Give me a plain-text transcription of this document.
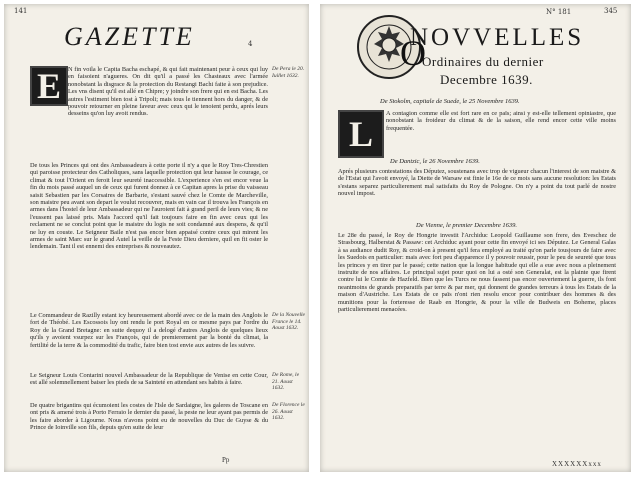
141
GAZETTE	4
E	N fin voila le Capita Bacha eschapé, & qui fait maintenant peur à ceux qui luy en faisoient n'agueres. On dit qu'il a passé les Chasteaux avec l'armée nonobstant la disgrace & la protection du Restangi Bachi faite à son prejudice. Les vns disent qu'il est allé en Chipre; y joindre son frere qui en est Bacha. Les autres l'estiment bien tost à Tripoli; mais tous le tiennent hors du danger, & de pouvoir retourner en pleine faveur avec ceux qui le tenoient perdu, aprés leurs desseins qu'on luy avoit rendus.
De Pera le 20. Iuillet 1632.
De tous les Princes qui ont des Ambassadeurs à cette porte il n'y a que le Roy Tres-Chrestien qui paroisse protecteur des Catholiques, sans laquelle protection qui leur hausse le courage, ce climat & tout l'Orient en feroit leur seureté inaccessible. L'experience s'en est encor veue la fin du mois passé auquel un de ceux qui furent donnez à ce Capitan apres la prise du vaisseau saisit Sebastien par les Corsaires de Barbarie, s'estant sauvé chez le Comte de Marcheville, son maistre peu avant son depart le voulut recouvrer, mais en vain car il trouva les François en armes dans l'hostel de leur Ambassadeur qui ne l'auroient fait à grand peril de leurs vies; & ne l'eussent pas laissé pris. Mais l'accord qu'il fait toujours faire en fin avec ceux qui les reclament ne se conclut point que le maistre du logis ne soit condamné aux despens, & qu'il ne luy en couste. Le Seigneur Baile n'est pas encor bien appaisé contre ceux qui mirent les armes de saint Marc sur le grand Autel la veille de la Feste Dieu derniere, quil en fit oster le lendemain. Tant il est ennemi des entreprises & nouveautez.
Le Commandeur de Razilly estant icy heureusement abordé avec ce de la main des Anglois le fort de Théobé. Les Escossois luy ont rendu le port Royal en ce mesme pays par l'ordre du Roy de la Grand Bretagne: en suite dequoy il a delogé d'autres Anglois de quelques lieux qu'ils y avoient vsurpez sur les François, qui de premierement par la bonté du climat, la fertilité de la terre & la commodité du trafic, faire bien tost envie aux autres de les suivre.
De la Nouvelle France le 14. Aoust 1632.
Le Seigneur Louis Contarini nouvel Ambassadeur de la Republique de Venise en cette Cour, est allé solemnellement baiser les pieds de sa Sainteté en attendant ses habits à faire.
De Rome, le 21. Aoust 1632.
De quatre brigantins qui écumoient les costes de l'Isle de Sardaigne, les galeres de Toscane en ont pris & amené trois à Porto Ferraio le dernier du passé, la peste ne leur ayant pas permis de les faire aborder à Ligourne. Nous n'avons point eu de nouvelles du Duc de Guyse & du Prince de Ioinville son fils, depuis qu'en suite de leur
De Florence le 26. Aoust 1632.
Pp
N° 181	345
O
NOVVELLES
Ordinaires du dernier
Decembre 1639.
De Stokolm, capitale de Suede, le 25 Novembre 1639.
L
A contagion comme elle est fort rare en ce païs; ainsi y est-elle tellement opiniastre, que nonobstant la froideur du climat & de la saison, elle rend encor cette ville moins frequentée.
De Dantzic, le 26 Novembre 1639.
Aprés plusieurs contestations des Députez, soustenans avec trop de vigueur chacun l'interest de son maistre & de l'Estat qui l'avoit envoyé, la Diette de Warsaw est finie le 16e de ce mois sans aucune resolution: les Estats s'estans separez particulierement mal satisfaits du Roy de Pologne. On n'y a point du tout parlé de nostre nouvel impost.
De Vienne, le premier Decembre 1639.
Le 28e du passé, le Roy de Hongrie investit l'Archiduc Leopold Guillaume son frere, des Eveschez de Strasbourg, Halberstat & Passaw: cet Archiduc ayant pour cette fin envoyé ici ses Députez. Le General Galas à sa audiance dudit Roy, & croid-on à present qu'il fera employé au traité qu'on parle tousjours de faire avec les Suedois en particulier: mais avec fort peu d'apparence il y pouvoir reussir, pour le peu de seureté que tous les princes y en tirer par le passé; cette nation que la longue habitude qui elle a eue avec nous a pleinement instruite de nos affaires. Le principal sujet pour quoi on lui a osté son Generalat, est la plainte que firent contre lui le Comte de Hazfeld. Bien que les Turcs ne nous fassent pas encor ouvertement la guerre, ils font neantmoins de grands preparatifs par terre & par mer, qui donnent de grandes terreurs à tous les Estats de la maison d'Austriche. Les Estats de ce païs n'ont rien resolu encor pour contribuer des hommes & des munitions pour la forteresse de Raab en Hongrie, & pour la ville de Budweis en Boheme, places particulierement menacées.
XXXXXXxxx
